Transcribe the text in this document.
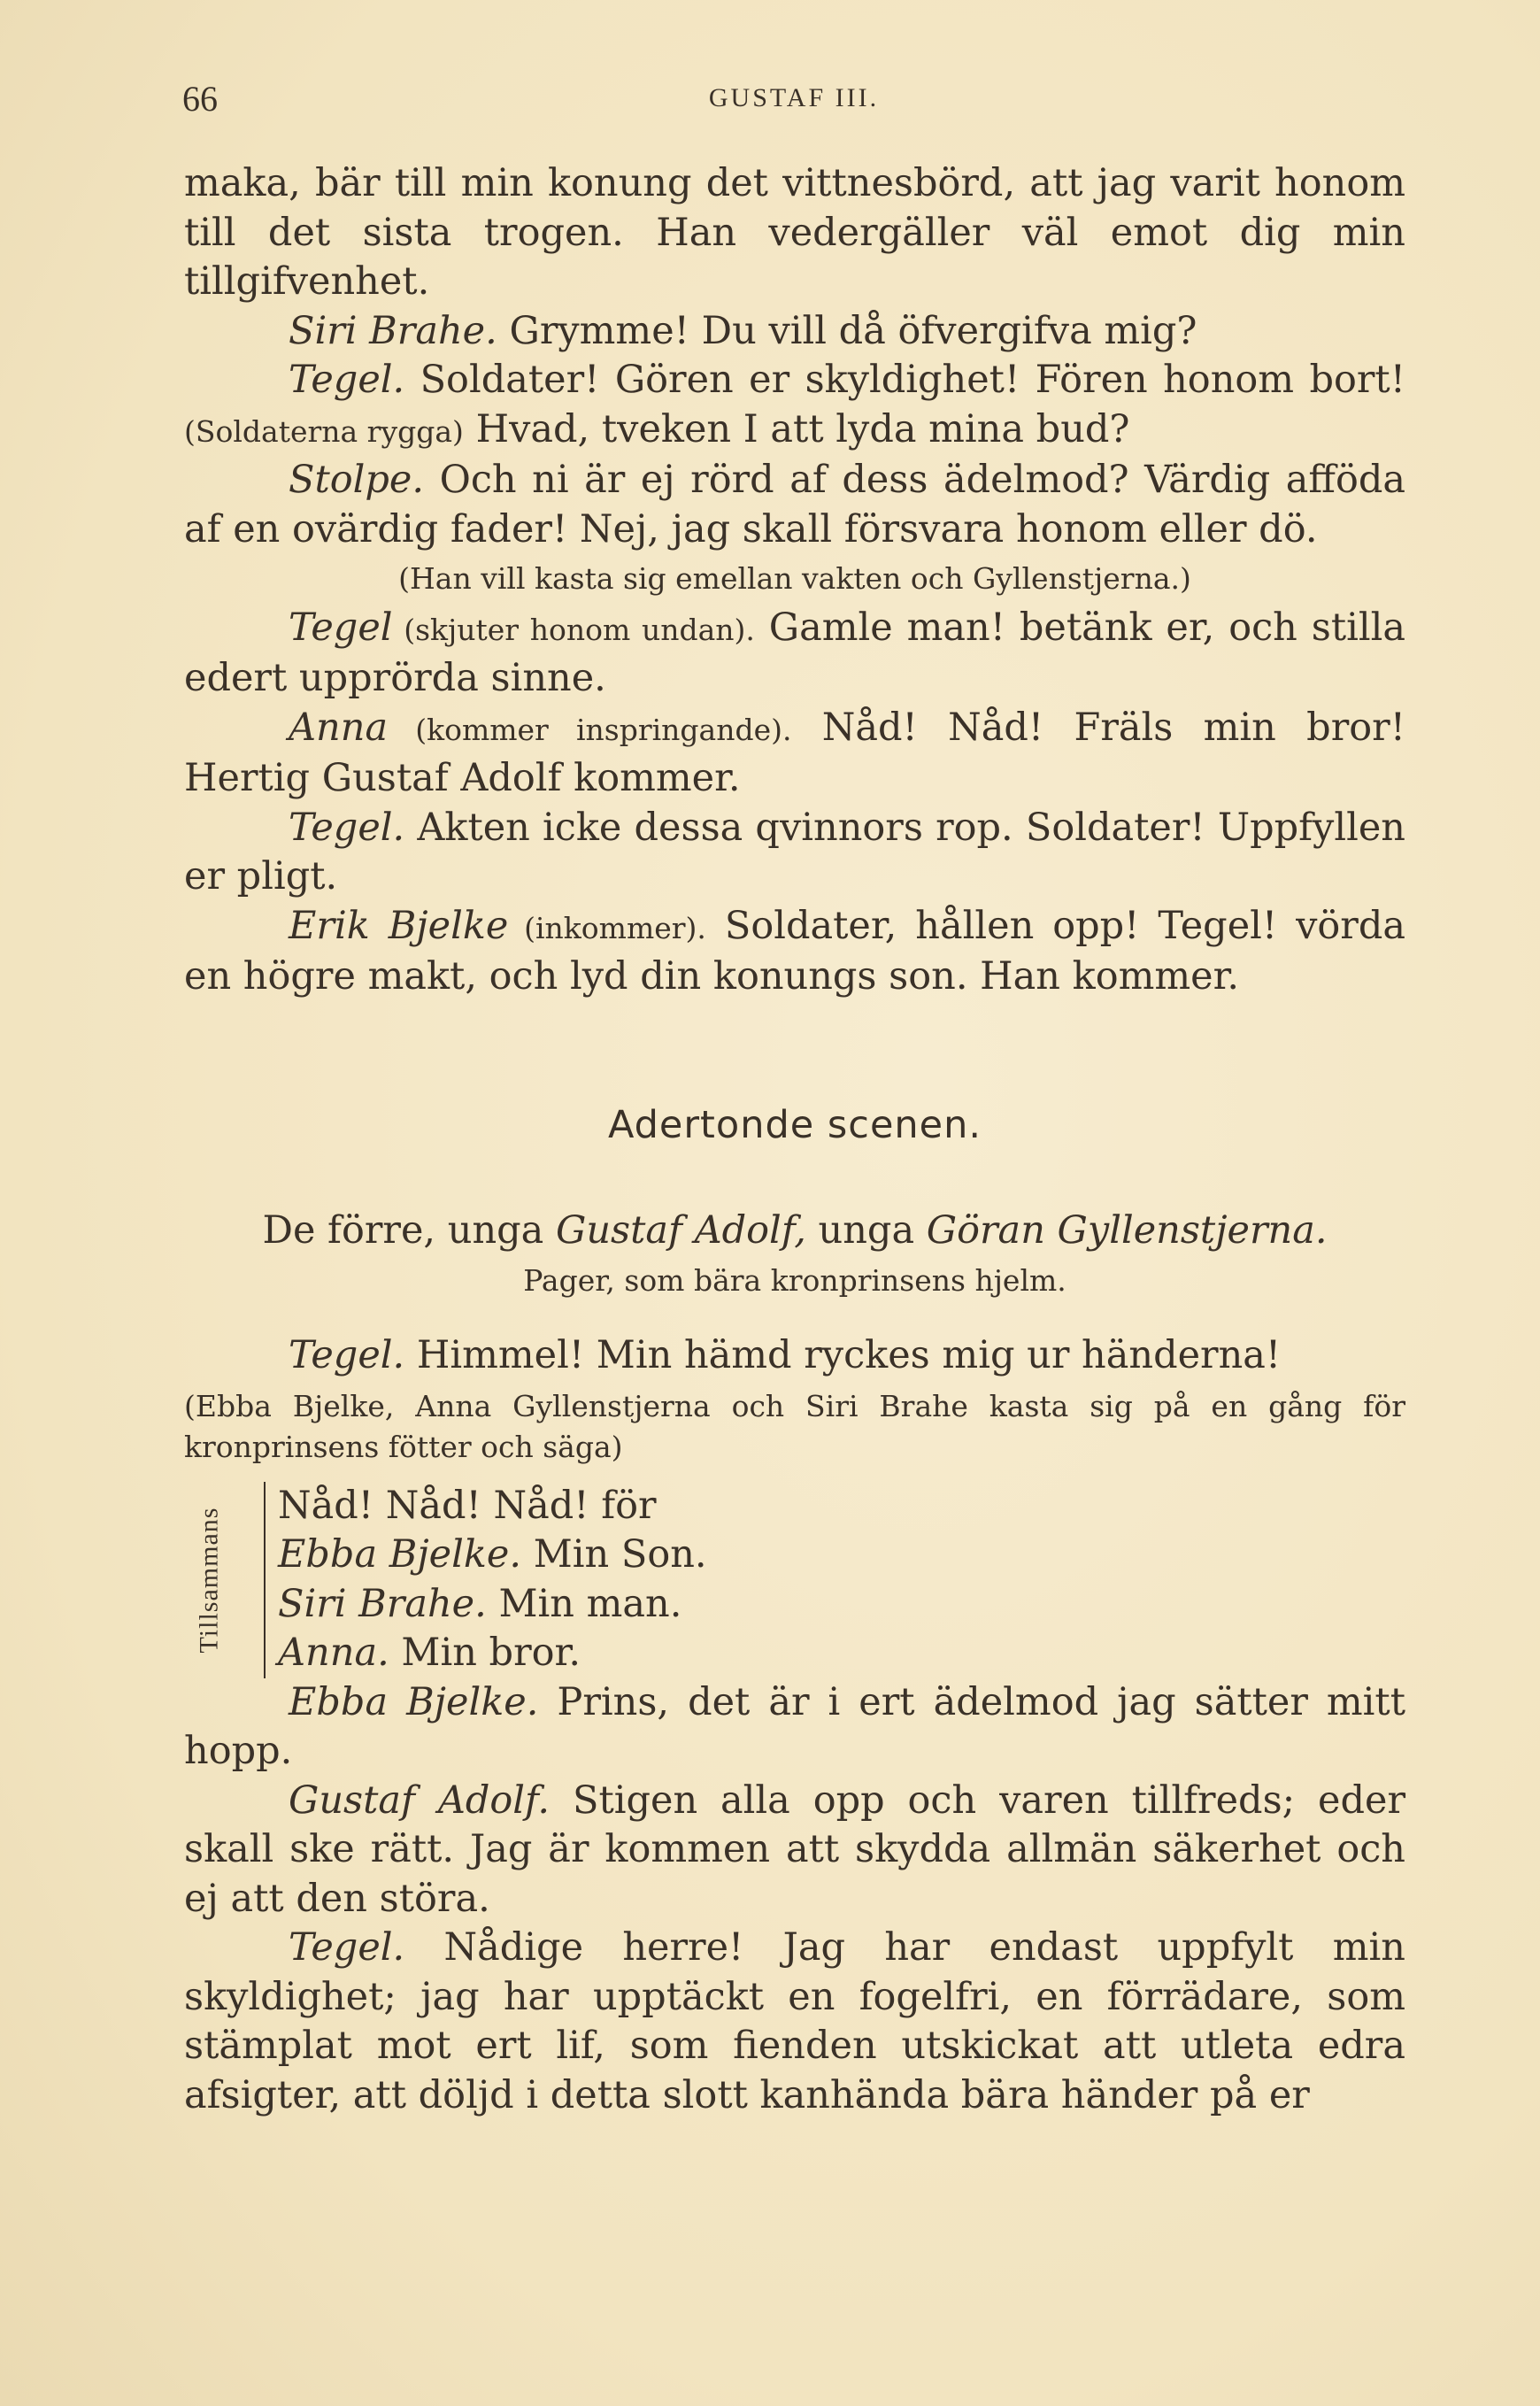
66	GUSTAF III.

maka, bär till min konung det vittnesbörd, att jag varit honom till det sista trogen. Han vedergäller väl emot dig min tillgifvenhet.

Siri Brahe. Grymme! Du vill då öfvergifva mig?

Tegel. Soldater! Gören er skyldighet! Fören honom bort! (Soldaterna rygga) Hvad, tveken I att lyda mina bud?

Stolpe. Och ni är ej rörd af dess ädelmod? Värdig afföda af en ovärdig fader! Nej, jag skall försvara honom eller dö.

(Han vill kasta sig emellan vakten och Gyllenstjerna.)

Tegel (skjuter honom undan). Gamle man! betänk er, och stilla edert upprörda sinne.

Anna (kommer inspringande). Nåd! Nåd! Fräls min bror! Hertig Gustaf Adolf kommer.

Tegel. Akten icke dessa qvinnors rop. Soldater! Uppfyllen er pligt.

Erik Bjelke (inkommer). Soldater, hållen opp! Tegel! vörda en högre makt, och lyd din konungs son. Han kommer.

Adertonde scenen.

De förre, unga Gustaf Adolf, unga Göran Gyllenstjerna.

Pager, som bära kronprinsens hjelm.

Tegel. Himmel! Min hämd ryckes mig ur händerna!

(Ebba Bjelke, Anna Gyllenstjerna och Siri Brahe kasta sig på en gång för kronprinsens fötter och säga)

Tillsammans

Nåd! Nåd! Nåd! för

Ebba Bjelke. Min Son.

Siri Brahe. Min man.

Anna. Min bror.

Ebba Bjelke. Prins, det är i ert ädelmod jag sätter mitt hopp.

Gustaf Adolf. Stigen alla opp och varen tillfreds; eder skall ske rätt. Jag är kommen att skydda allmän säkerhet och ej att den störa.

Tegel. Nådige herre! Jag har endast uppfylt min skyldighet; jag har upptäckt en fogelfri, en förrädare, som stämplat mot ert lif, som fienden utskickat att utleta edra afsigter, att döljd i detta slott kanhända bära händer på er
